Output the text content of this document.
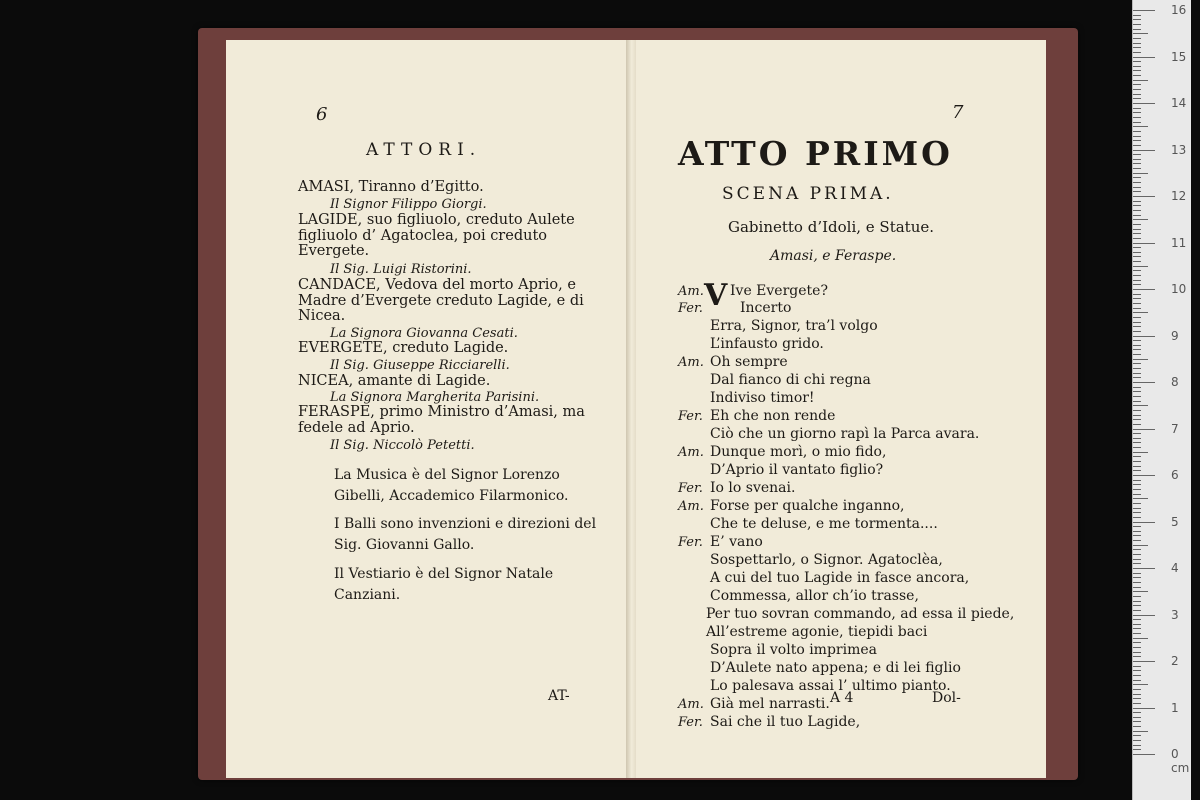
6
ATTORI.
AMASI, Tiranno d’Egitto.
Il Signor Filippo Giorgi.
LAGIDE, suo figliuolo, creduto Aulete figliuolo d’ Agatoclea, poi creduto Evergete.
Il Sig. Luigi Ristorini.
CANDACE, Vedova del morto Aprio, e Madre d’Evergete creduto Lagide, e di Nicea.
La Signora Giovanna Cesati.
EVERGETE, creduto Lagide.
Il Sig. Giuseppe Ricciarelli.
NICEA, amante di Lagide.
La Signora Margherita Parisini.
FERASPE, primo Ministro d’Amasi, ma fedele ad Aprio.
Il Sig. Niccolò Petetti.
La Musica è del Signor Lorenzo Gibelli, Accademico Filarmonico.
I Balli sono invenzioni e direzioni del Sig. Giovanni Gallo.
Il Vestiario è del Signor Natale Canziani.
AT-
7
ATTO PRIMO
SCENA PRIMA.
Gabinetto d’Idoli, e Statue.
Amasi, e Feraspe.
V
Am. Ive Evergete?
Fer.	Incerto
Erra, Signor, tra’l volgo
L’infausto grido.
Am. Oh sempre
Dal fianco di chi regna
Indiviso timor!
Fer. Eh che non rende
Ciò che un giorno rapì la Parca avara.
Am. Dunque morì, o mio fido,
D’Aprio il vantato figlio?
Fer. Io lo svenai.
Am. Forse per qualche inganno,
Che te deluse, e me tormenta....
Fer. E’ vano
Sospettarlo, o Signor. Agatoclèa,
A cui del tuo Lagide in fasce ancora,
Commessa, allor ch’io trasse,
Per tuo sovran commando, ad essa il piede,
All’estreme agonie, tiepidi baci
Sopra il volto imprimea
D’Aulete nato appena; e di lei figlio
Lo palesava assai l’ ultimo pianto.
Am. Già mel narrasti.
Fer. Sai che il tuo Lagide,
A 4	Dol-
16
15
14
13
12
11
10
9
8
7
6
5
4
3
2
1
0 cm
